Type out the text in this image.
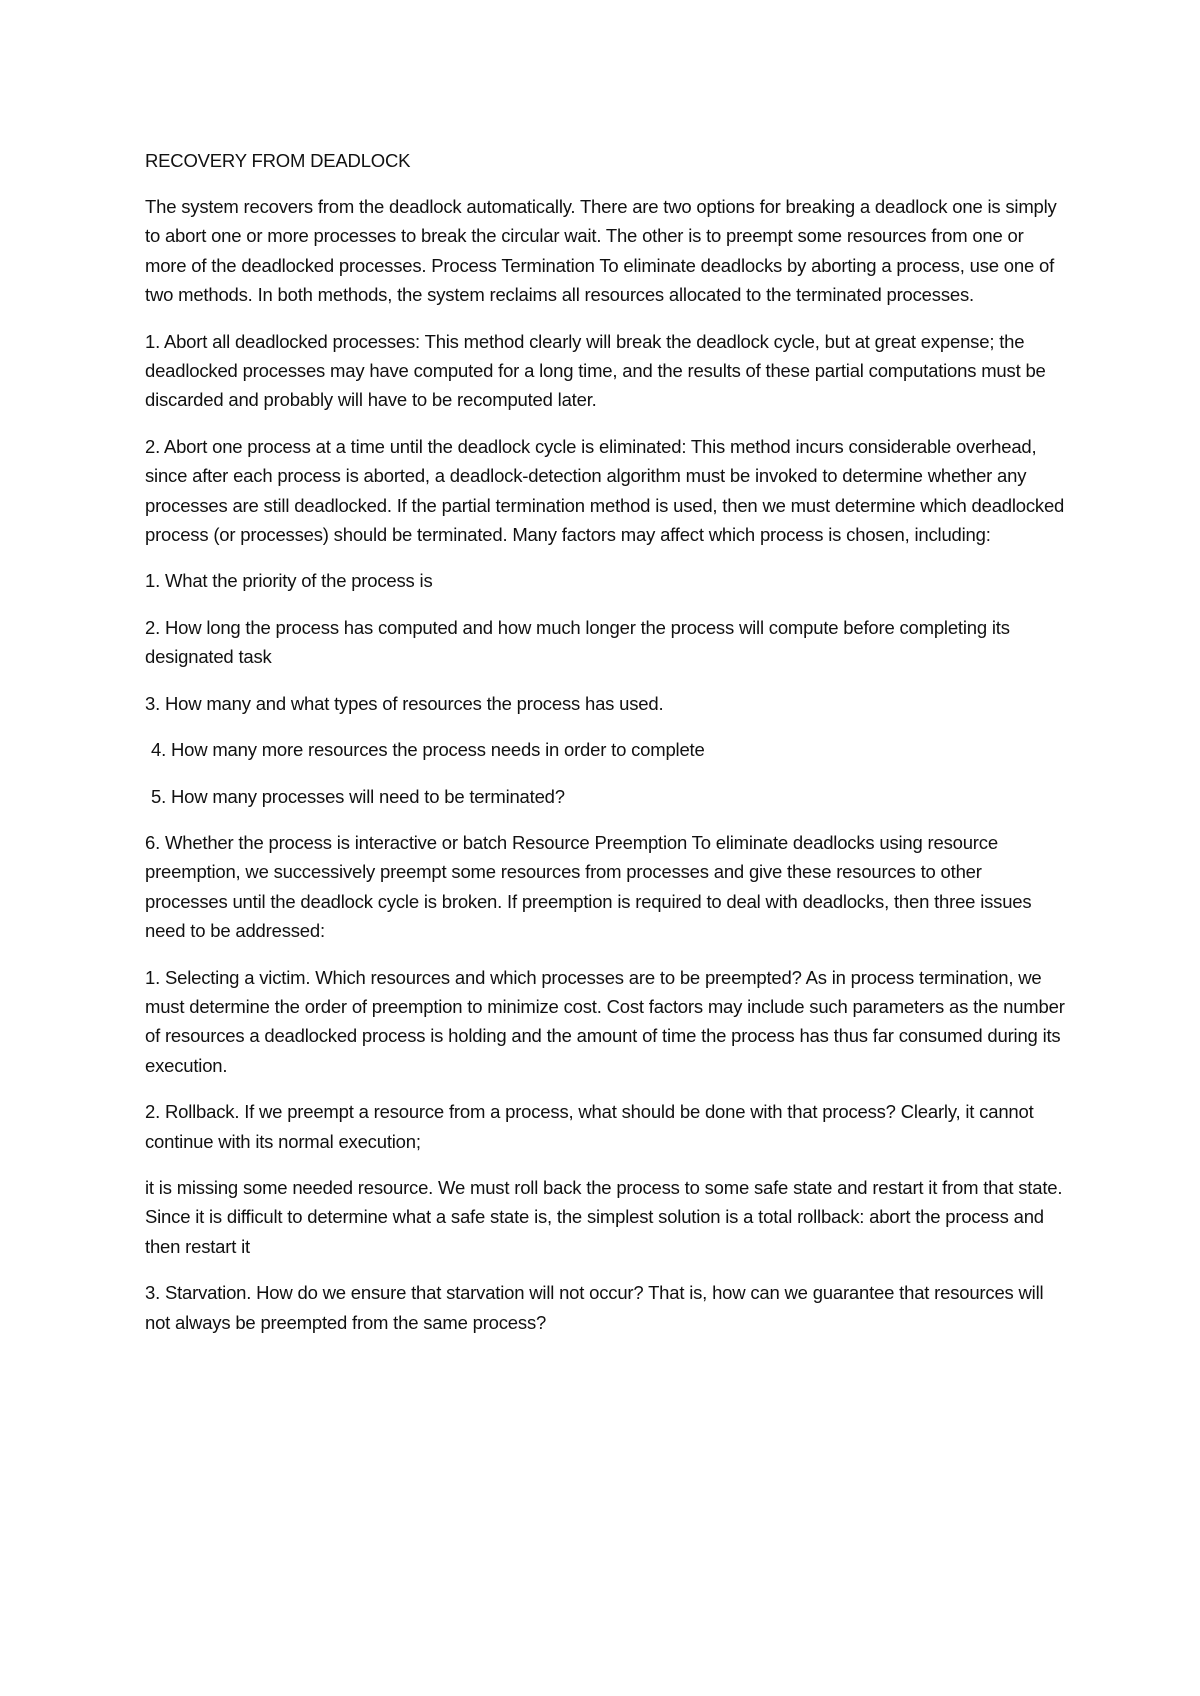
RECOVERY FROM DEADLOCK

The system recovers from the deadlock automatically. There are two options for breaking a deadlock one is simply to abort one or more processes to break the circular wait. The other is to preempt some resources from one or more of the deadlocked processes. Process Termination To eliminate deadlocks by aborting a process, use one of two methods. In both methods, the system reclaims all resources allocated to the terminated processes.

1. Abort all deadlocked processes: This method clearly will break the deadlock cycle, but at great expense; the deadlocked processes may have computed for a long time, and the results of these partial computations must be discarded and probably will have to be recomputed later.

2. Abort one process at a time until the deadlock cycle is eliminated: This method incurs considerable overhead, since after each process is aborted, a deadlock-detection algorithm must be invoked to determine whether any processes are still deadlocked. If the partial termination method is used, then we must determine which deadlocked process (or processes) should be terminated. Many factors may affect which process is chosen, including:

1. What the priority of the process is

2. How long the process has computed and how much longer the process will compute before completing its designated task

3. How many and what types of resources the process has used.

4. How many more resources the process needs in order to complete

5. How many processes will need to be terminated?

6. Whether the process is interactive or batch Resource Preemption To eliminate deadlocks using resource preemption, we successively preempt some resources from processes and give these resources to other processes until the deadlock cycle is broken. If preemption is required to deal with deadlocks, then three issues need to be addressed:

1. Selecting a victim. Which resources and which processes are to be preempted? As in process termination, we must determine the order of preemption to minimize cost. Cost factors may include such parameters as the number of resources a deadlocked process is holding and the amount of time the process has thus far consumed during its execution.

2. Rollback. If we preempt a resource from a process, what should be done with that process? Clearly, it cannot continue with its normal execution;

it is missing some needed resource. We must roll back the process to some safe state and restart it from that state. Since it is difficult to determine what a safe state is, the simplest solution is a total rollback: abort the process and then restart it

3. Starvation. How do we ensure that starvation will not occur? That is, how can we guarantee that resources will not always be preempted from the same process?
